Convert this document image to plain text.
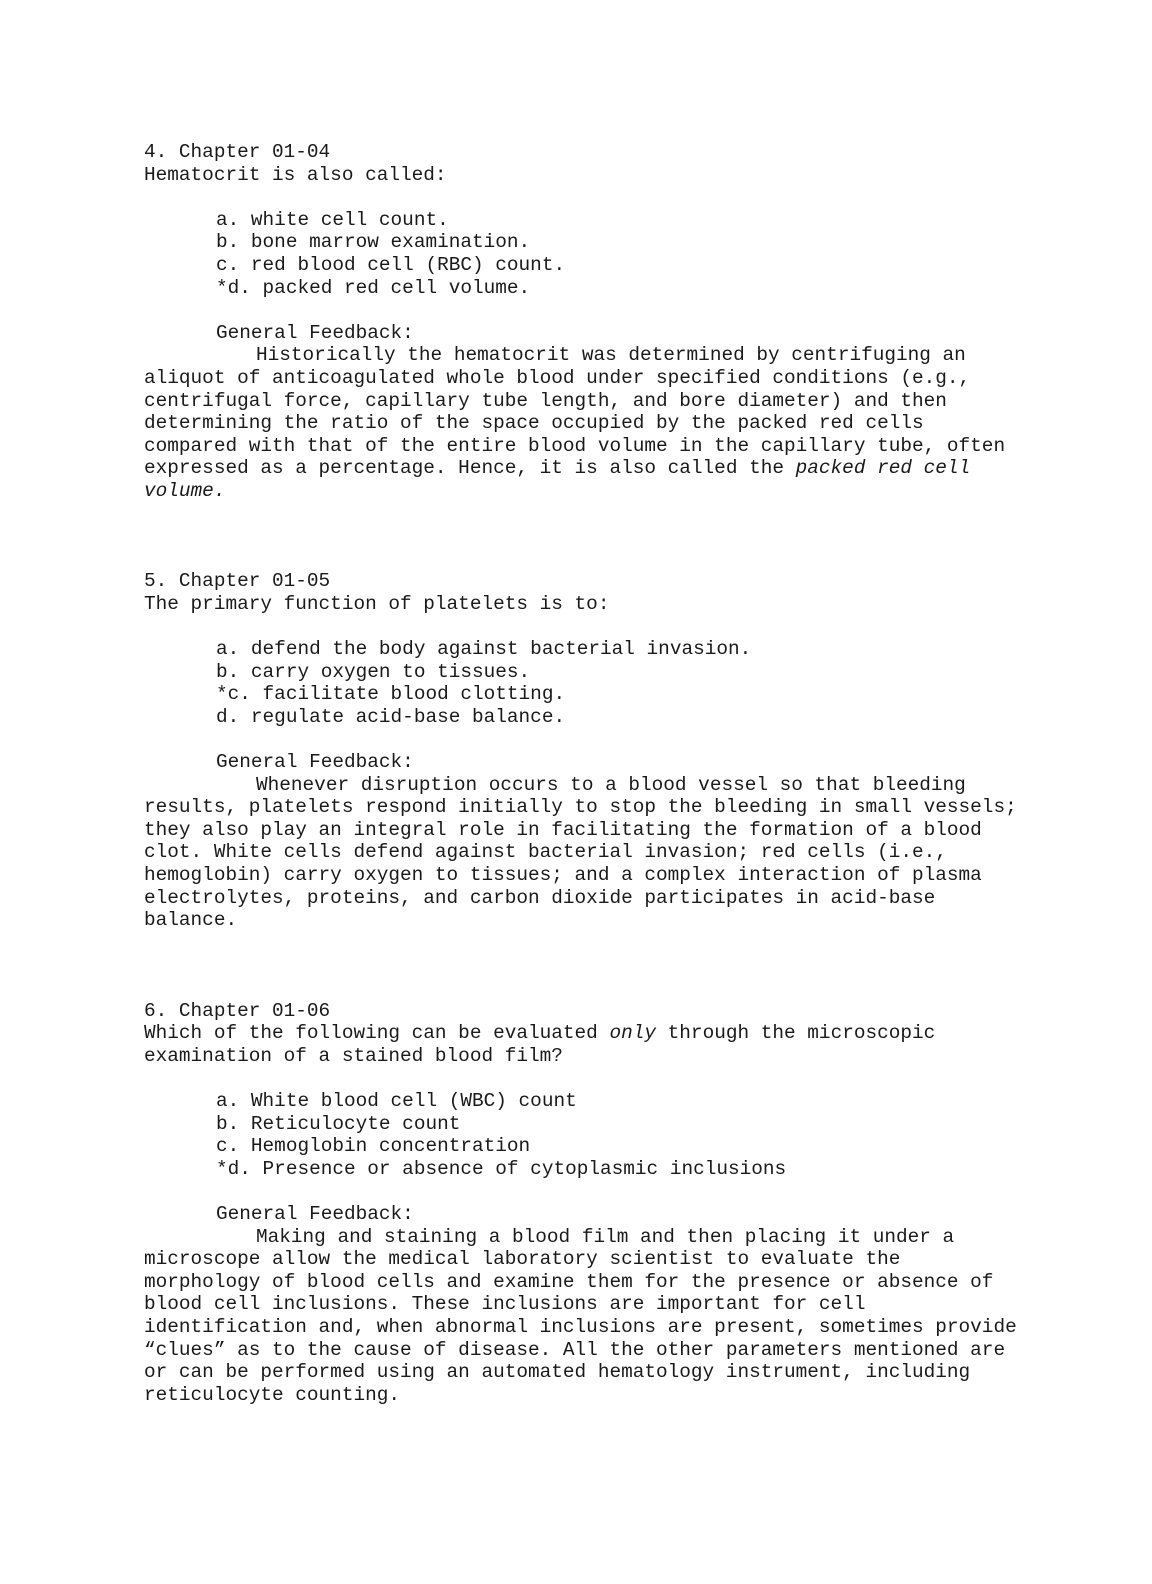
4. Chapter 01-04
Hematocrit is also called:
a. white cell count.
b. bone marrow examination.
c. red blood cell (RBC) count.
*d. packed red cell volume.
General Feedback:
Historically the hematocrit was determined by centrifuging an aliquot of anticoagulated whole blood under specified conditions (e.g., centrifugal force, capillary tube length, and bore diameter) and then determining the ratio of the space occupied by the packed red cells compared with that of the entire blood volume in the capillary tube, often expressed as a percentage. Hence, it is also called the packed red cell volume.
5. Chapter 01-05
The primary function of platelets is to:
a. defend the body against bacterial invasion.
b. carry oxygen to tissues.
*c. facilitate blood clotting.
d. regulate acid-base balance.
General Feedback:
Whenever disruption occurs to a blood vessel so that bleeding results, platelets respond initially to stop the bleeding in small vessels; they also play an integral role in facilitating the formation of a blood clot. White cells defend against bacterial invasion; red cells (i.e., hemoglobin) carry oxygen to tissues; and a complex interaction of plasma electrolytes, proteins, and carbon dioxide participates in acid-base balance.
6. Chapter 01-06
Which of the following can be evaluated only through the microscopic examination of a stained blood film?
a. White blood cell (WBC) count
b. Reticulocyte count
c. Hemoglobin concentration
*d. Presence or absence of cytoplasmic inclusions
General Feedback:
Making and staining a blood film and then placing it under a microscope allow the medical laboratory scientist to evaluate the morphology of blood cells and examine them for the presence or absence of blood cell inclusions. These inclusions are important for cell identification and, when abnormal inclusions are present, sometimes provide “clues” as to the cause of disease. All the other parameters mentioned are or can be performed using an automated hematology instrument, including reticulocyte counting.
